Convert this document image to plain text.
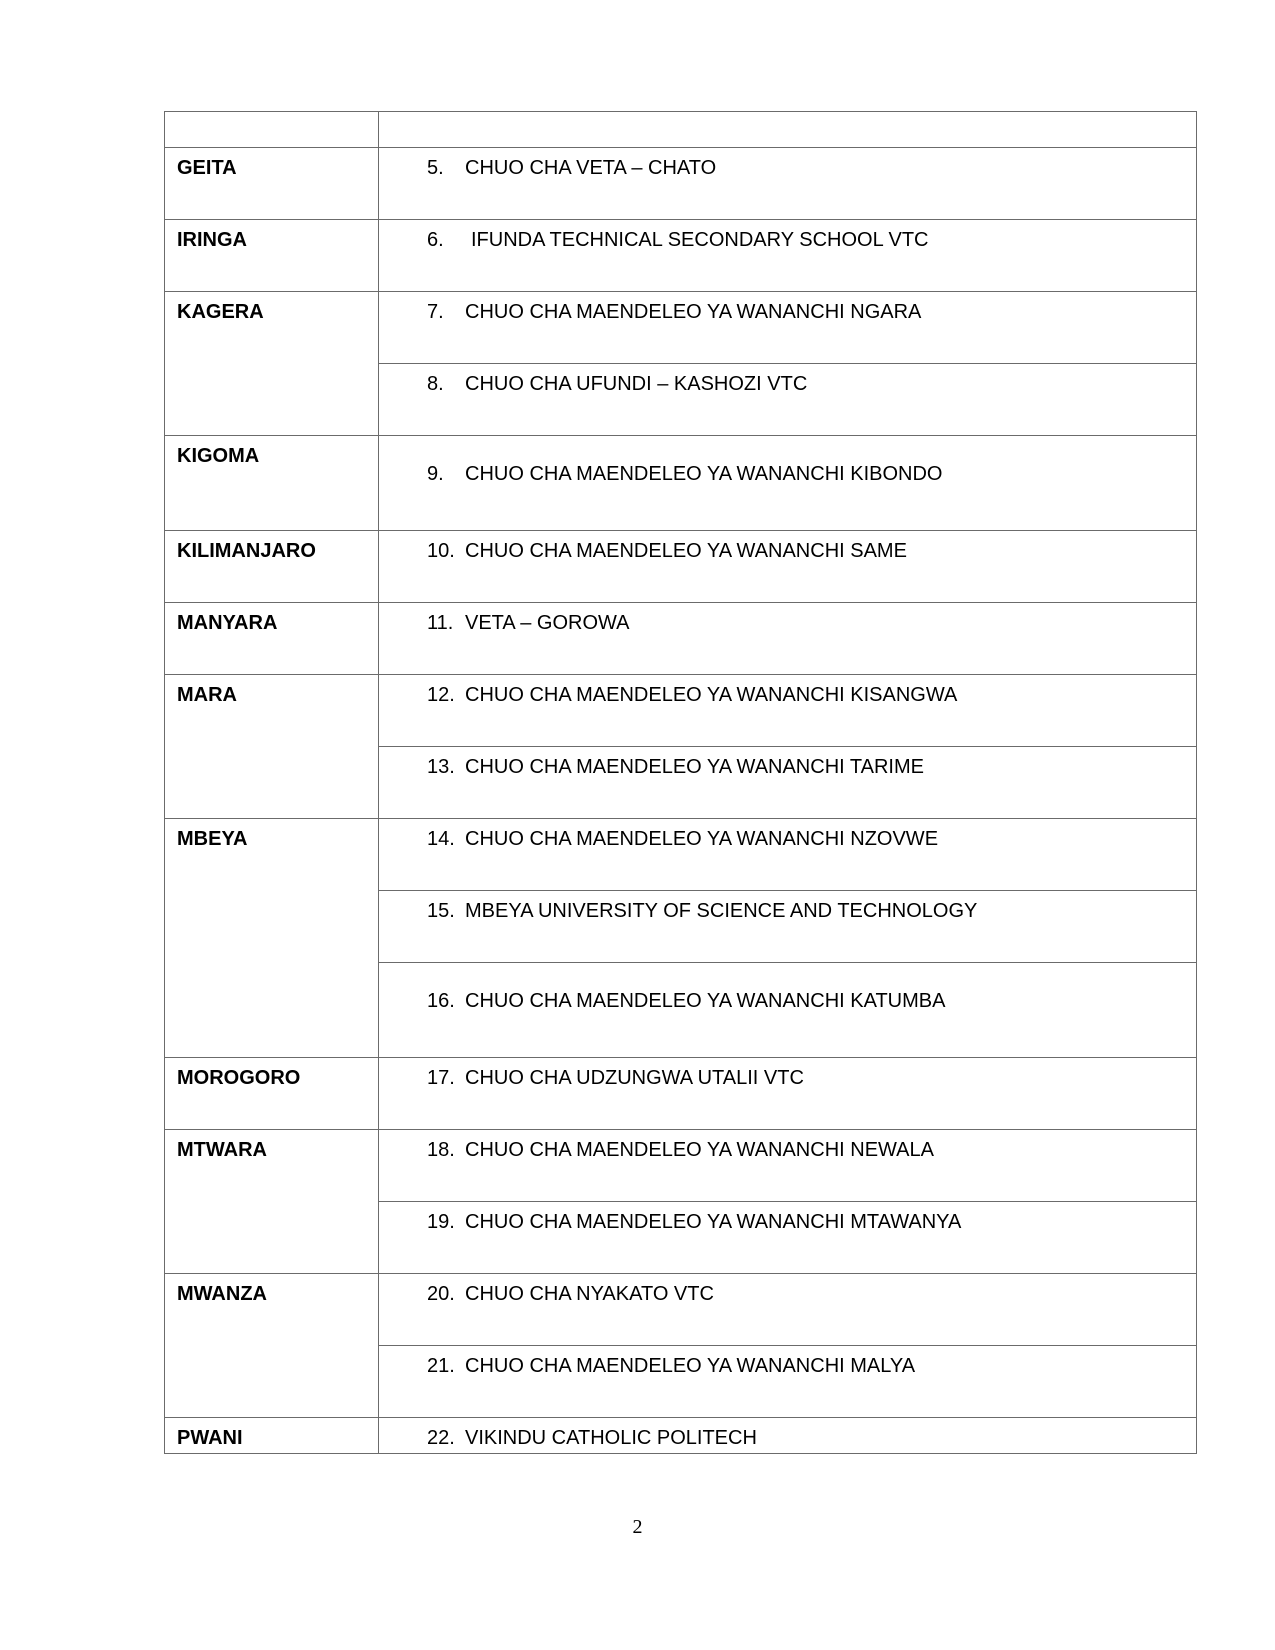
GEITA	5. CHUO CHA VETA – CHATO
IRINGA	6. IFUNDA TECHNICAL SECONDARY SCHOOL VTC
KAGERA	7. CHUO CHA MAENDELEO YA WANANCHI NGARA
	8. CHUO CHA UFUNDI – KASHOZI VTC
KIGOMA	9. CHUO CHA MAENDELEO YA WANANCHI KIBONDO
KILIMANJARO	10. CHUO CHA MAENDELEO YA WANANCHI SAME
MANYARA	11. VETA – GOROWA
MARA	12. CHUO CHA MAENDELEO YA WANANCHI KISANGWA
	13. CHUO CHA MAENDELEO YA WANANCHI TARIME
MBEYA	14. CHUO CHA MAENDELEO YA WANANCHI NZOVWE
	15. MBEYA UNIVERSITY OF SCIENCE AND TECHNOLOGY
	16. CHUO CHA MAENDELEO YA WANANCHI KATUMBA
MOROGORO	17. CHUO CHA UDZUNGWA UTALII VTC
MTWARA	18. CHUO CHA MAENDELEO YA WANANCHI NEWALA
	19. CHUO CHA MAENDELEO YA WANANCHI MTAWANYA
MWANZA	20. CHUO CHA NYAKATO VTC
	21. CHUO CHA MAENDELEO YA WANANCHI MALYA
PWANI	22. VIKINDU CATHOLIC POLITECH
2
